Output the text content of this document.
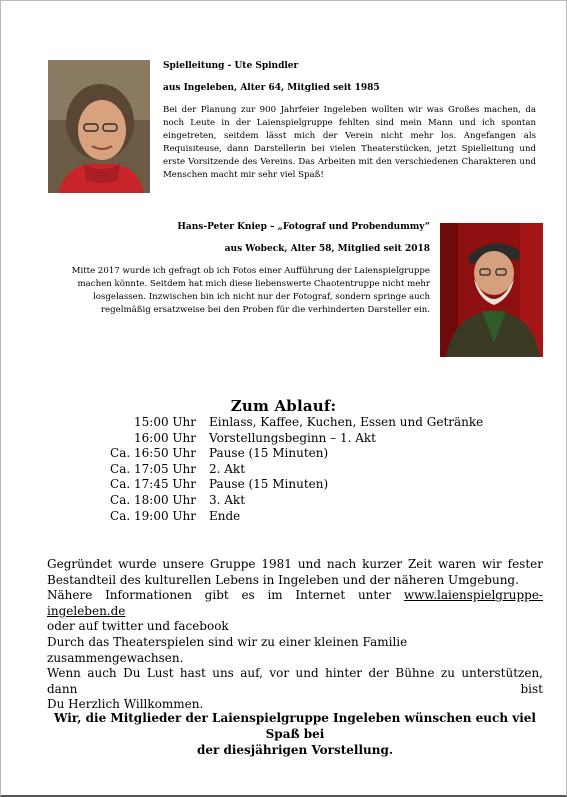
Spielleitung - Ute Spindler

aus Ingeleben, Alter 64, Mitglied seit 1985

Bei der Planung zur 900 Jahrfeier Ingeleben wollten wir was Großes machen, da noch Leute in der Laienspielgruppe fehlten sind mein Mann und ich spontan eingetreten, seitdem lässt mich der Verein nicht mehr los. Angefangen als Requisiteuse, dann Darstellerin bei vielen Theaterstücken, jetzt Spielleitung und erste Vorsitzende des Vereins. Das Arbeiten mit den verschiedenen Charakteren und Menschen macht mir sehr viel Spaß!

Hans-Peter Kniep – „Fotograf und Probendummy“

aus Wobeck, Alter 58, Mitglied seit 2018

Mitte 2017 wurde ich gefragt ob ich Fotos einer Aufführung der Laienspielgruppe machen könnte. Seitdem hat mich diese liebenswerte Chaotentruppe nicht mehr losgelassen. Inzwischen bin ich nicht nur der Fotograf, sondern springe auch regelmäßig ersatzweise bei den Proben für die verhinderten Darsteller ein.

Zum Ablauf:
15:00 Uhr	Einlass, Kaffee, Kuchen, Essen und Getränke
16:00 Uhr	Vorstellungsbeginn – 1. Akt
Ca. 16:50 Uhr	Pause (15 Minuten)
Ca. 17:05 Uhr	2. Akt
Ca. 17:45 Uhr	Pause (15 Minuten)
Ca. 18:00 Uhr	3. Akt
Ca. 19:00 Uhr	Ende

Gegründet wurde unsere Gruppe 1981 und nach kurzer Zeit waren wir fester

Bestandteil des kulturellen Lebens in Ingeleben und der näheren Umgebung.

Nähere Informationen gibt es im Internet unter www.laienspielgruppe-ingeleben.de

oder auf twitter und facebook

Durch das Theaterspielen sind wir zu einer kleinen Familie zusammengewachsen.

Wenn auch Du Lust hast uns auf, vor und hinter der Bühne zu unterstützen, dann bist

Du Herzlich Willkommen.

Wir, die Mitglieder der Laienspielgruppe Ingeleben wünschen euch viel Spaß bei
der diesjährigen Vorstellung.
